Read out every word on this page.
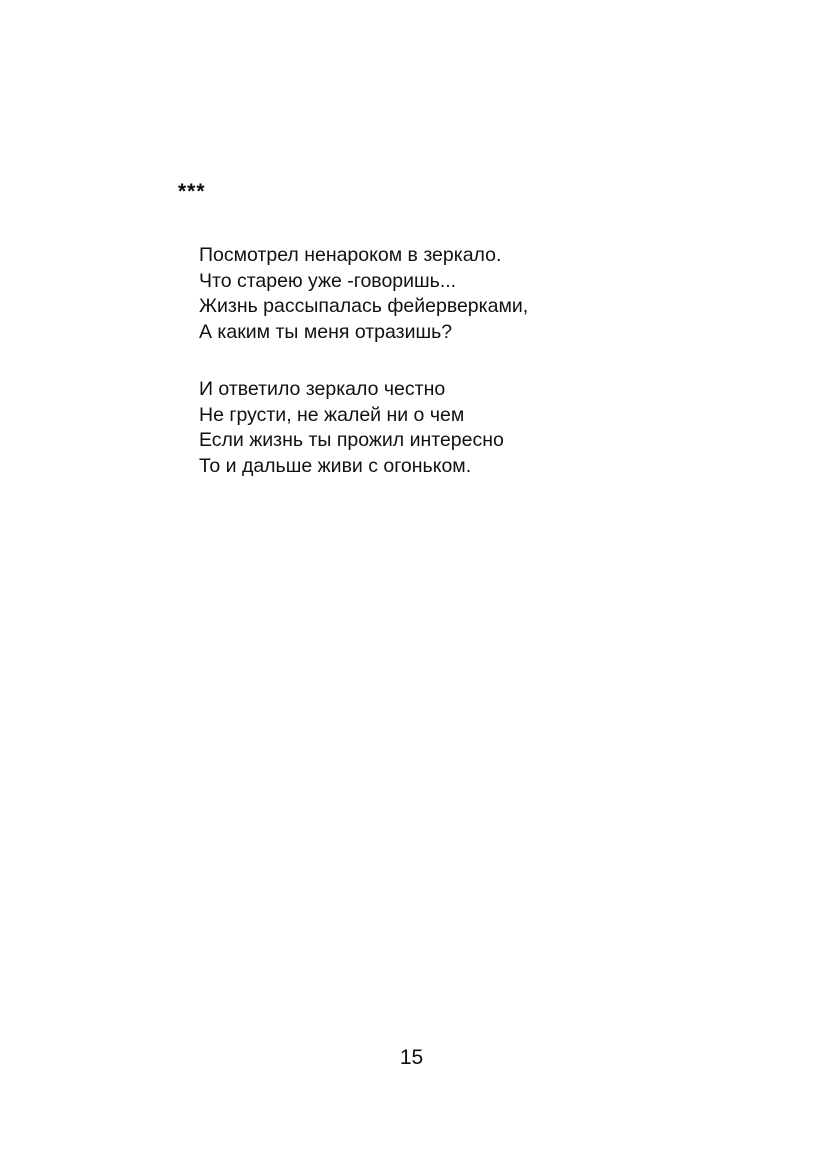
***
Посмотрел ненароком в зеркало.
Что старею уже -говоришь...
Жизнь рассыпалась фейерверками,
А каким ты меня отразишь?
И ответило зеркало честно
Не грусти, не жалей ни о чем
Если жизнь ты прожил интересно
То и дальше живи с огоньком.
15
